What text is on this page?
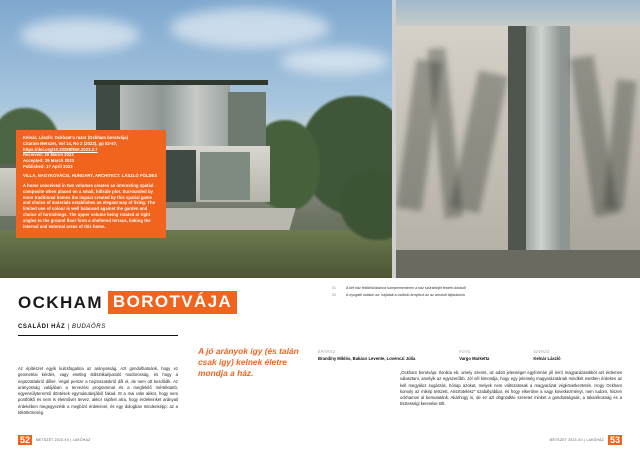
Kelnár, László: Ockham's razor (Ockham borotvája)
Citation Metszet, Vol 14, No 2 (2023), pp 52-57,
https://doi.org/10.33268/Met.2023.2.7
Received: 26 March 2023
Accepted: 29 March 2023
Published: 17 April 2023
VILLA, NAGYKOVÁCSI, HUNGARY, ARCHITECT: LÁSZLÓ FÖLDES
A home conceived in two volumes creates an interesting spatial composite when placed on a small, hillside plot. Surrounded by more traditional homes the impact created by this spatial game and choice of materials establishes an elegant way of living. The limited use of colour is well balanced against the garden and choice of furnishings. The upper volume being rotated at right angles to the ground floor form a sheltered terrace, linking the internal and external areas of this home.
01	A két ház fellökhülászboz komplementeren a ház szűrsékijét festett dolokolt
02	A nyugatti oldalon az: hajlatait a csillódó árnyékot az az arnokdl fajtaokolok
OCKHAM BOROTVÁJA
CSALÁDI HÁZ | BUDAÖRS
Az építészet egyik kulcsfogalma az arányosság. Azt gondolhatnánk, hogy ez geometriai kérdés, vagy esetleg stilisztikai/juxtoló modorosság, és hogy a nejazzattakról dőlsé. Végül persze a nejzoszatokról dől el, de nem ott kezdődik. Az arányosság valójában a tervezési programmal és a megfelelő mértéktartó, egyensúlyteremtő döntések egymásutánjából fakad. Itt a mai után akkor, hogy nem pontfölkő és nem is életművet tervez, akkor rájöhet arra, hogy érdekeinket arányait érdekében megegyezésk a megbízó érdekével, és egy dologban mindenképp: az a tökörköncség.
A jó arányok így (és talán csak így) kelnek életre mondja a ház.
ÉPÍTÉSZ
Brandiny Miklós, Bakács Levente, Lovenczi Júlia
FOTÓ
Vargo Marketta
SZERZŐ
Kelnár László
„Ockham borotvája: Ilonikia eb, amely szerint, az adott jelenséget egyformán jól leíró magyarázatokból azt érdemes választani, amelyik az egyszerűbb. Jól vél kimondja, hogy egy jelenség magyarázatának mindkét esetben érdekes az kell megyáloz sugárzás, hónap azokat, melyek nem változatosak a magyarázat végkövetkeztetés. Hogy Ockham komoly az mikép tetszett, Arisztotelész'' szabályábbar, és hogy elkerülve a vagy következményt, nem tudom, hiszen ockhamos al bemutatánk. Akárhogy is, de ez azt dögnödkle szeretet minket a gondosságnak, a takarékosság és a tisztességi keresése tölt.
52	METSZET 2023.XII | LAKÓHÁZ	53
METSZET 2023.XII | LAKÓHÁZ
